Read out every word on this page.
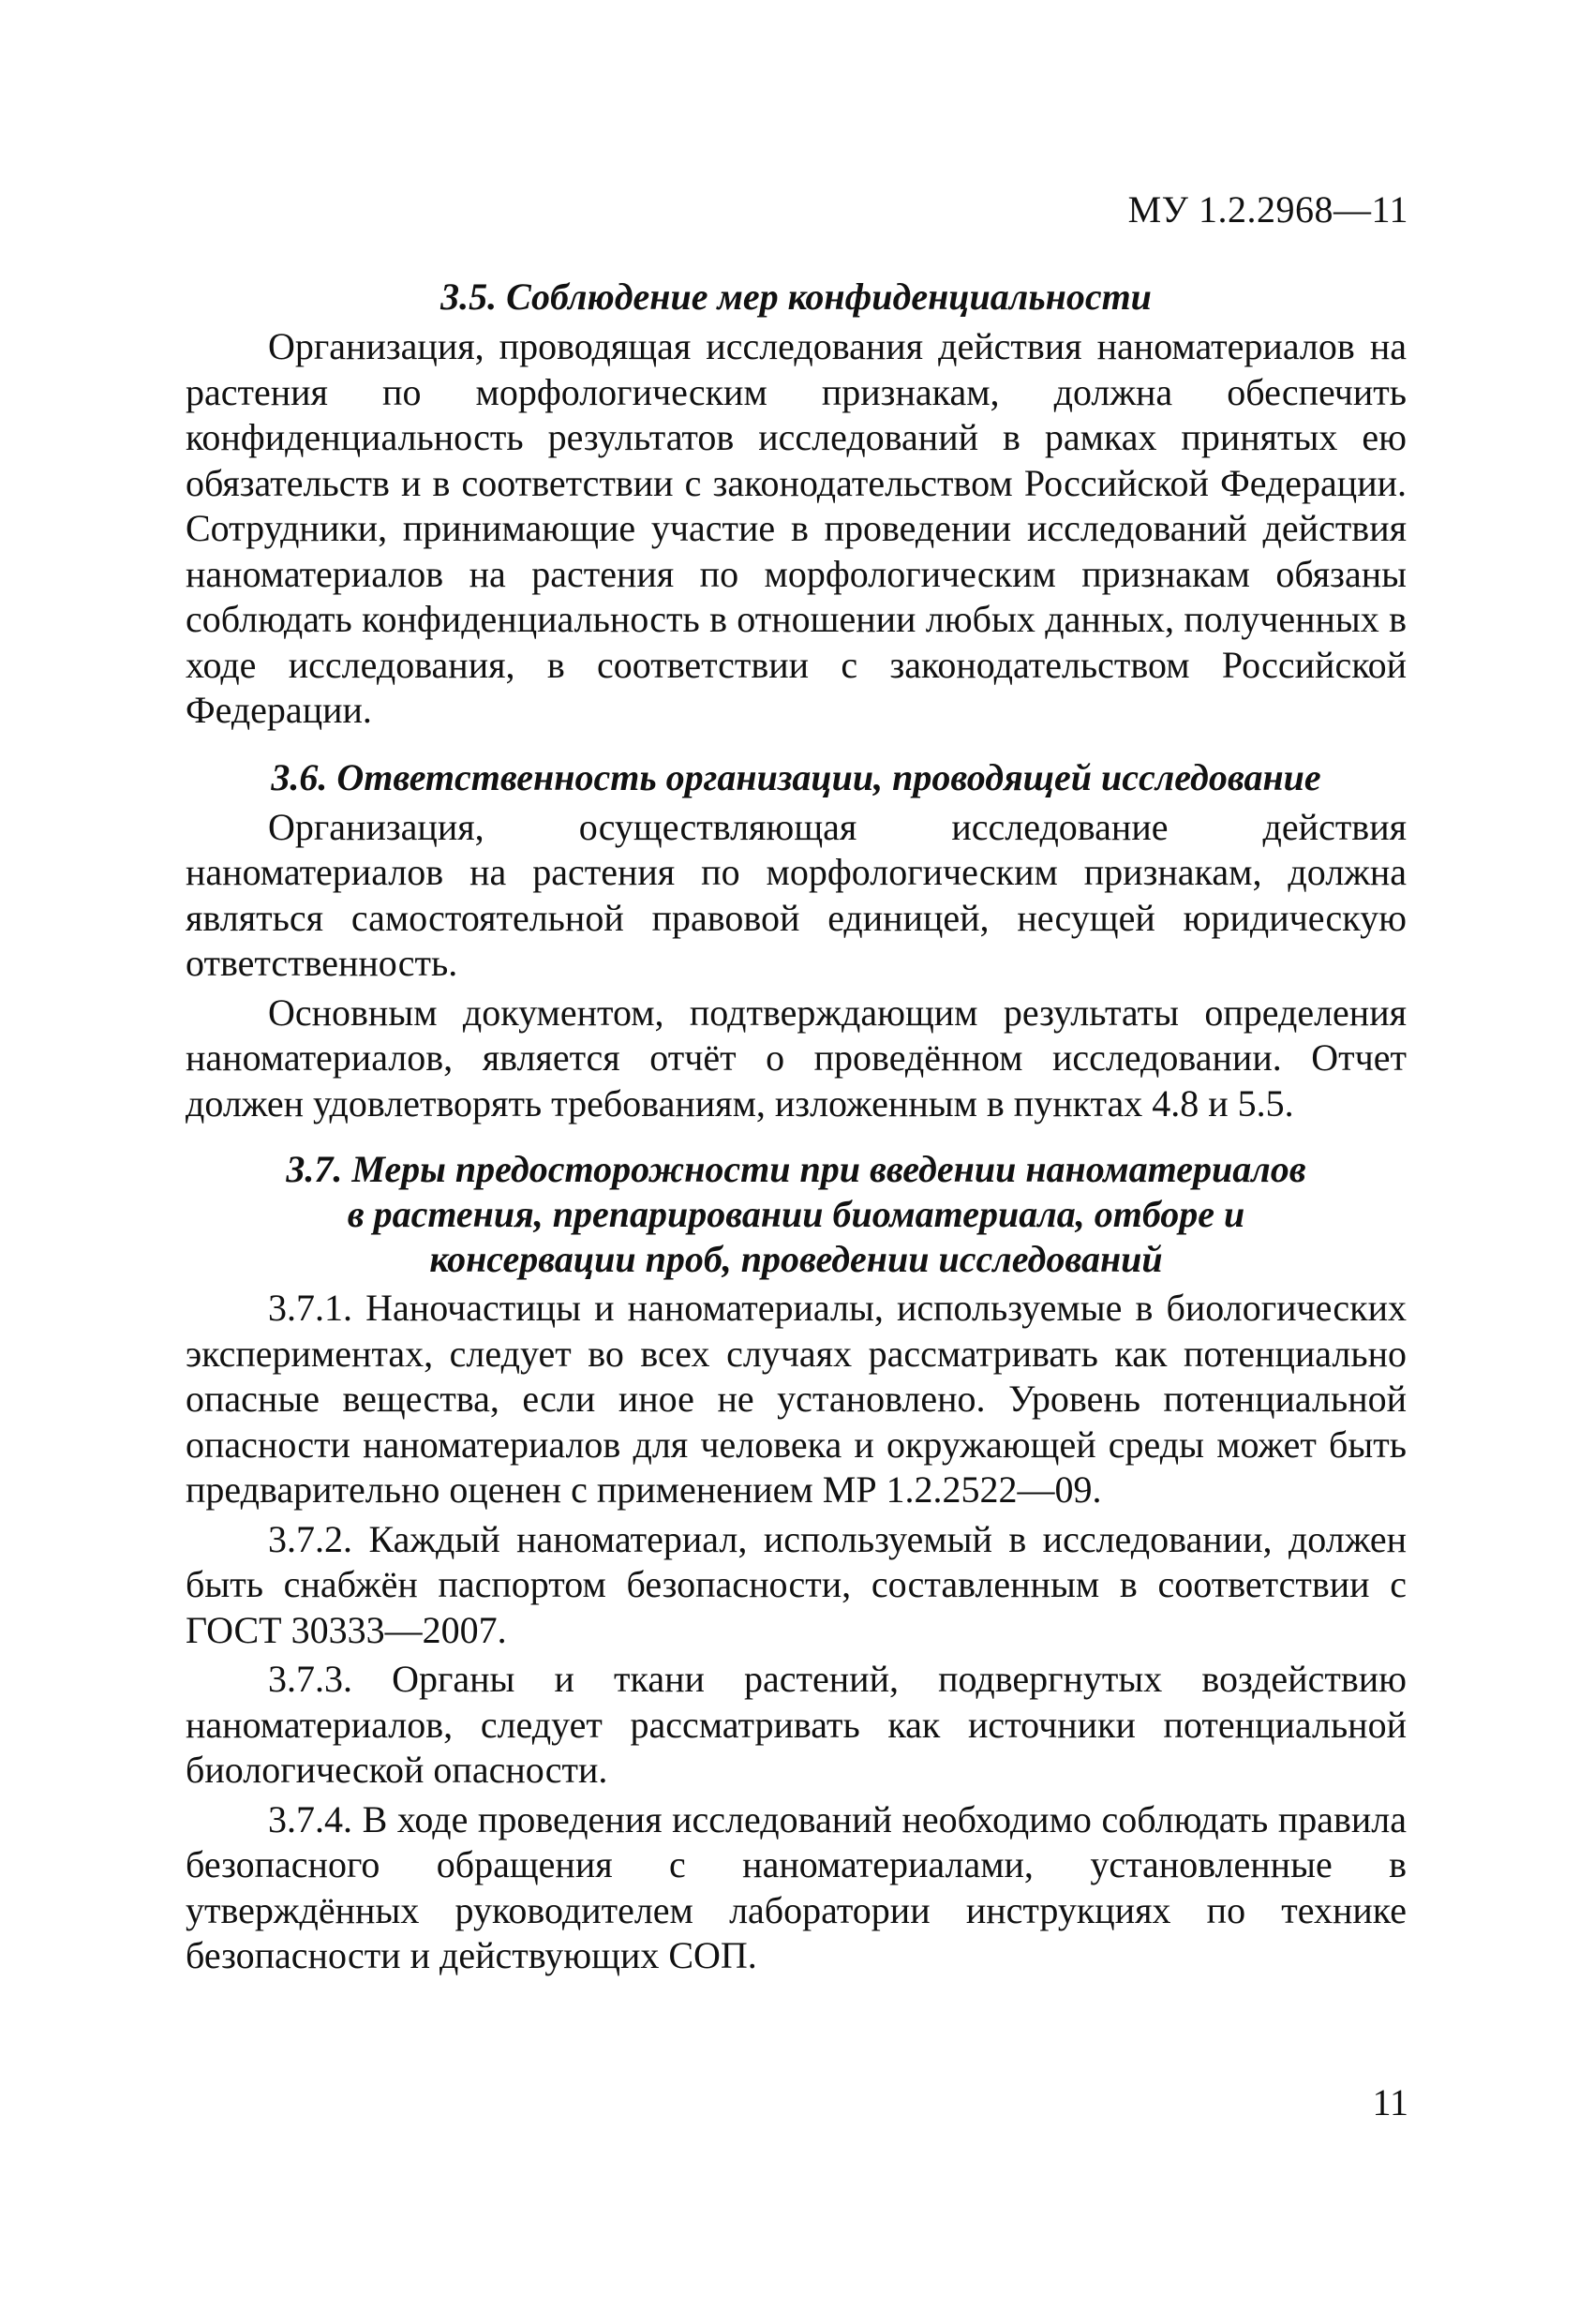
МУ 1.2.2968—11
3.5. Соблюдение мер конфиденциальности

Организация, проводящая исследования действия наноматериалов на растения по морфологическим признакам, должна обеспечить конфиденциальность результатов исследований в рамках принятых ею обязательств и в соответствии с законодательством Российской Федерации. Сотрудники, принимающие участие в проведении исследований действия наноматериалов на растения по морфологическим признакам обязаны соблюдать конфиденциальность в отношении любых данных, полученных в ходе исследования, в соответствии с законодательством Российской Федерации.

3.6. Ответственность организации, проводящей исследование

Организация, осуществляющая исследование действия наноматериалов на растения по морфологическим признакам, должна являться самостоятельной правовой единицей, несущей юридическую ответственность.

Основным документом, подтверждающим результаты определения наноматериалов, является отчёт о проведённом исследовании. Отчет должен удовлетворять требованиям, изложенным в пунктах 4.8 и 5.5.

3.7. Меры предосторожности при введении наноматериалов
в растения, препарировании биоматериала, отборе и
консервации проб, проведении исследований

3.7.1. Наночастицы и наноматериалы, используемые в биологических экспериментах, следует во всех случаях рассматривать как потенциально опасные вещества, если иное не установлено. Уровень потенциальной опасности наноматериалов для человека и окружающей среды может быть предварительно оценен с применением МР 1.2.2522—09.

3.7.2. Каждый наноматериал, используемый в исследовании, должен быть снабжён паспортом безопасности, составленным в соответствии с ГОСТ 30333—2007.

3.7.3. Органы и ткани растений, подвергнутых воздействию наноматериалов, следует рассматривать как источники потенциальной биологической опасности.

3.7.4. В ходе проведения исследований необходимо соблюдать правила безопасного обращения с наноматериалами, установленные в утверждённых руководителем лаборатории инструкциях по технике безопасности и действующих СОП.

11
